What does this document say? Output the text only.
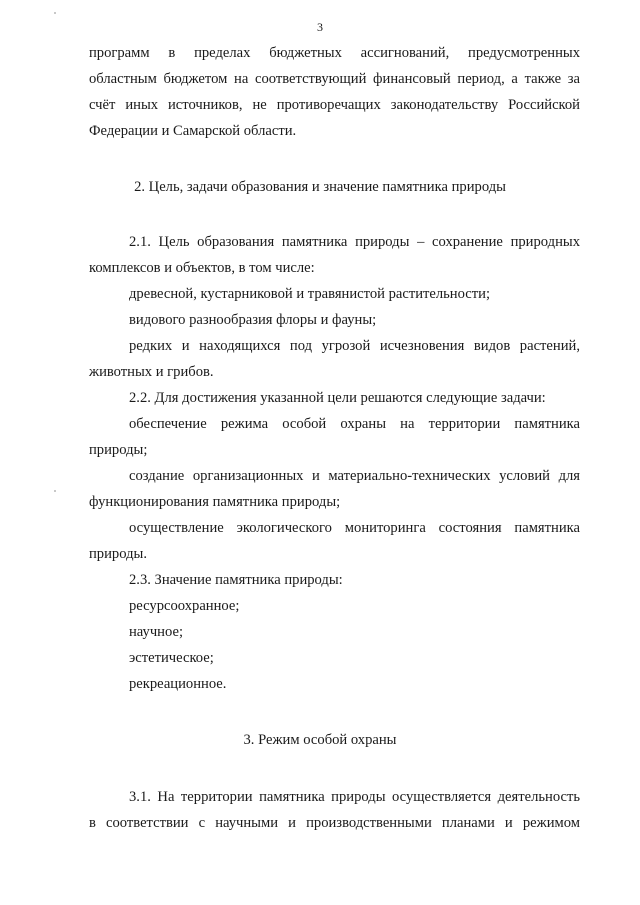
3
программ в пределах бюджетных ассигнований, предусмотренных
областным бюджетом на соответствующий финансовый период, а также за
счёт иных источников, не противоречащих законодательству Российской
Федерации и Самарской области.
2. Цель, задачи образования и значение памятника природы
2.1. Цель образования памятника природы – сохранение природных
комплексов и объектов, в том числе:
древесной, кустарниковой и травянистой растительности;
видового разнообразия флоры и фауны;
редких и находящихся под угрозой исчезновения видов растений,
животных и грибов.
2.2. Для достижения указанной цели решаются следующие задачи:
обеспечение режима особой охраны на территории памятника
природы;
создание организационных и материально-технических условий для
функционирования памятника природы;
осуществление экологического мониторинга состояния памятника
природы.
2.3. Значение памятника природы:
ресурсоохранное;
научное;
эстетическое;
рекреационное.
3. Режим особой охраны
3.1. На территории памятника природы осуществляется деятельность
в соответствии с научными и производственными планами и режимом
